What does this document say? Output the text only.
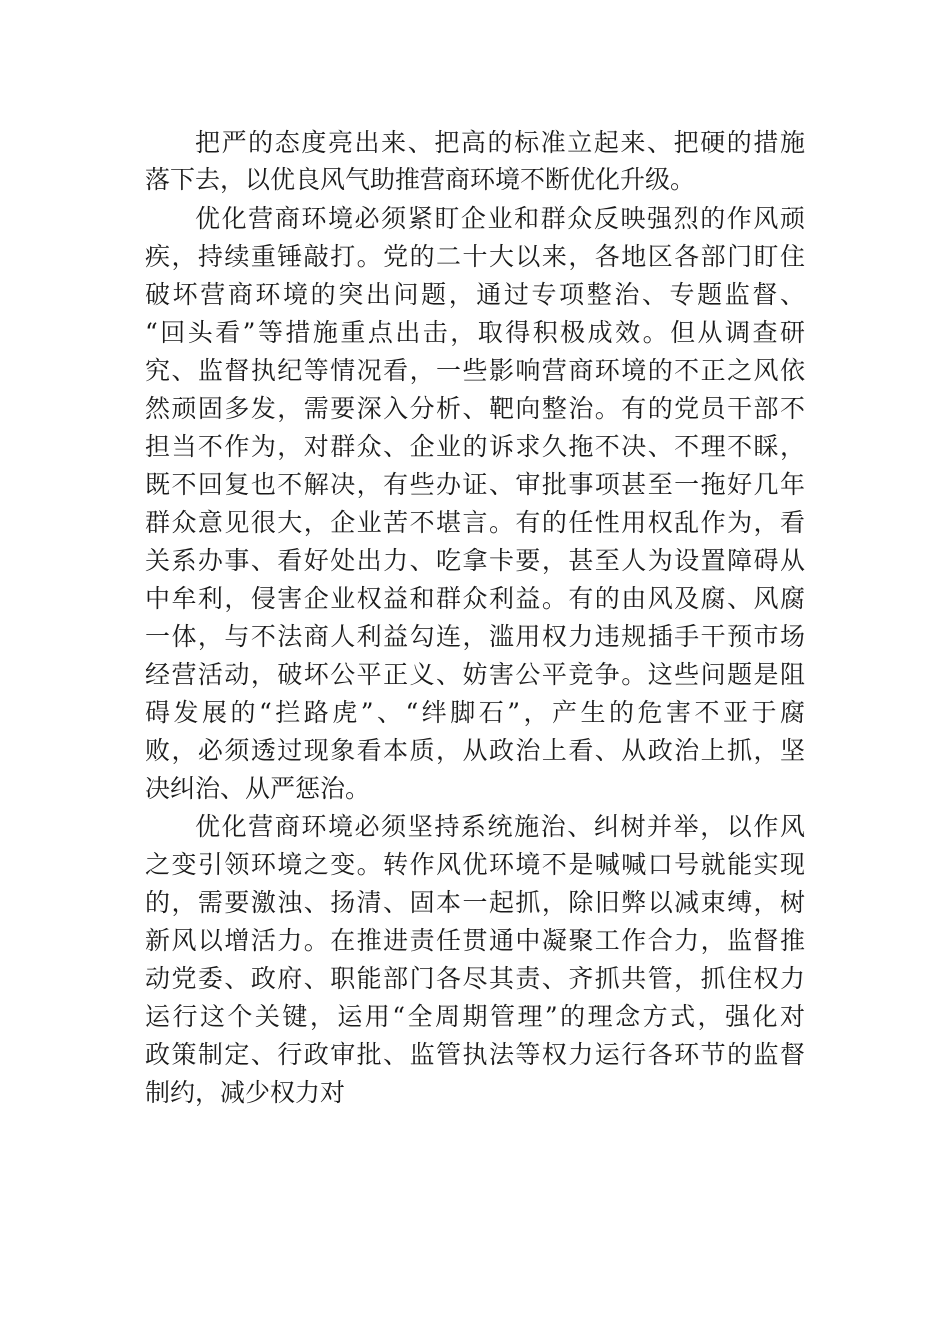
把严的态度亮出来、把高的标准立起来、把硬的措施
落下去，以优良风气助推营商环境不断优化升级。
优化营商环境必须紧盯企业和群众反映强烈的作风顽
疾，持续重锤敲打。党的二十大以来，各地区各部门盯住
破坏营商环境的突出问题，通过专项整治、专题监督、
“回头看”等措施重点出击，取得积极成效。但从调查研
究、监督执纪等情况看，一些影响营商环境的不正之风依
然顽固多发，需要深入分析、靶向整治。有的党员干部不
担当不作为，对群众、企业的诉求久拖不决、不理不睬，
既不回复也不解决，有些办证、审批事项甚至一拖好几年
群众意见很大，企业苦不堪言。有的任性用权乱作为，看
关系办事、看好处出力、吃拿卡要，甚至人为设置障碍从
中牟利，侵害企业权益和群众利益。有的由风及腐、风腐
一体，与不法商人利益勾连，滥用权力违规插手干预市场
经营活动，破坏公平正义、妨害公平竞争。这些问题是阻
碍发展的“拦路虎”、“绊脚石”，产生的危害不亚于腐
败，必须透过现象看本质，从政治上看、从政治上抓，坚
决纠治、从严惩治。
优化营商环境必须坚持系统施治、纠树并举，以作风
之变引领环境之变。转作风优环境不是喊喊口号就能实现
的，需要激浊、扬清、固本一起抓，除旧弊以减束缚，树
新风以增活力。在推进责任贯通中凝聚工作合力，监督推
动党委、政府、职能部门各尽其责、齐抓共管，抓住权力
运行这个关键，运用“全周期管理”的理念方式，强化对
政策制定、行政审批、监管执法等权力运行各环节的监督
制约，减少权力对
